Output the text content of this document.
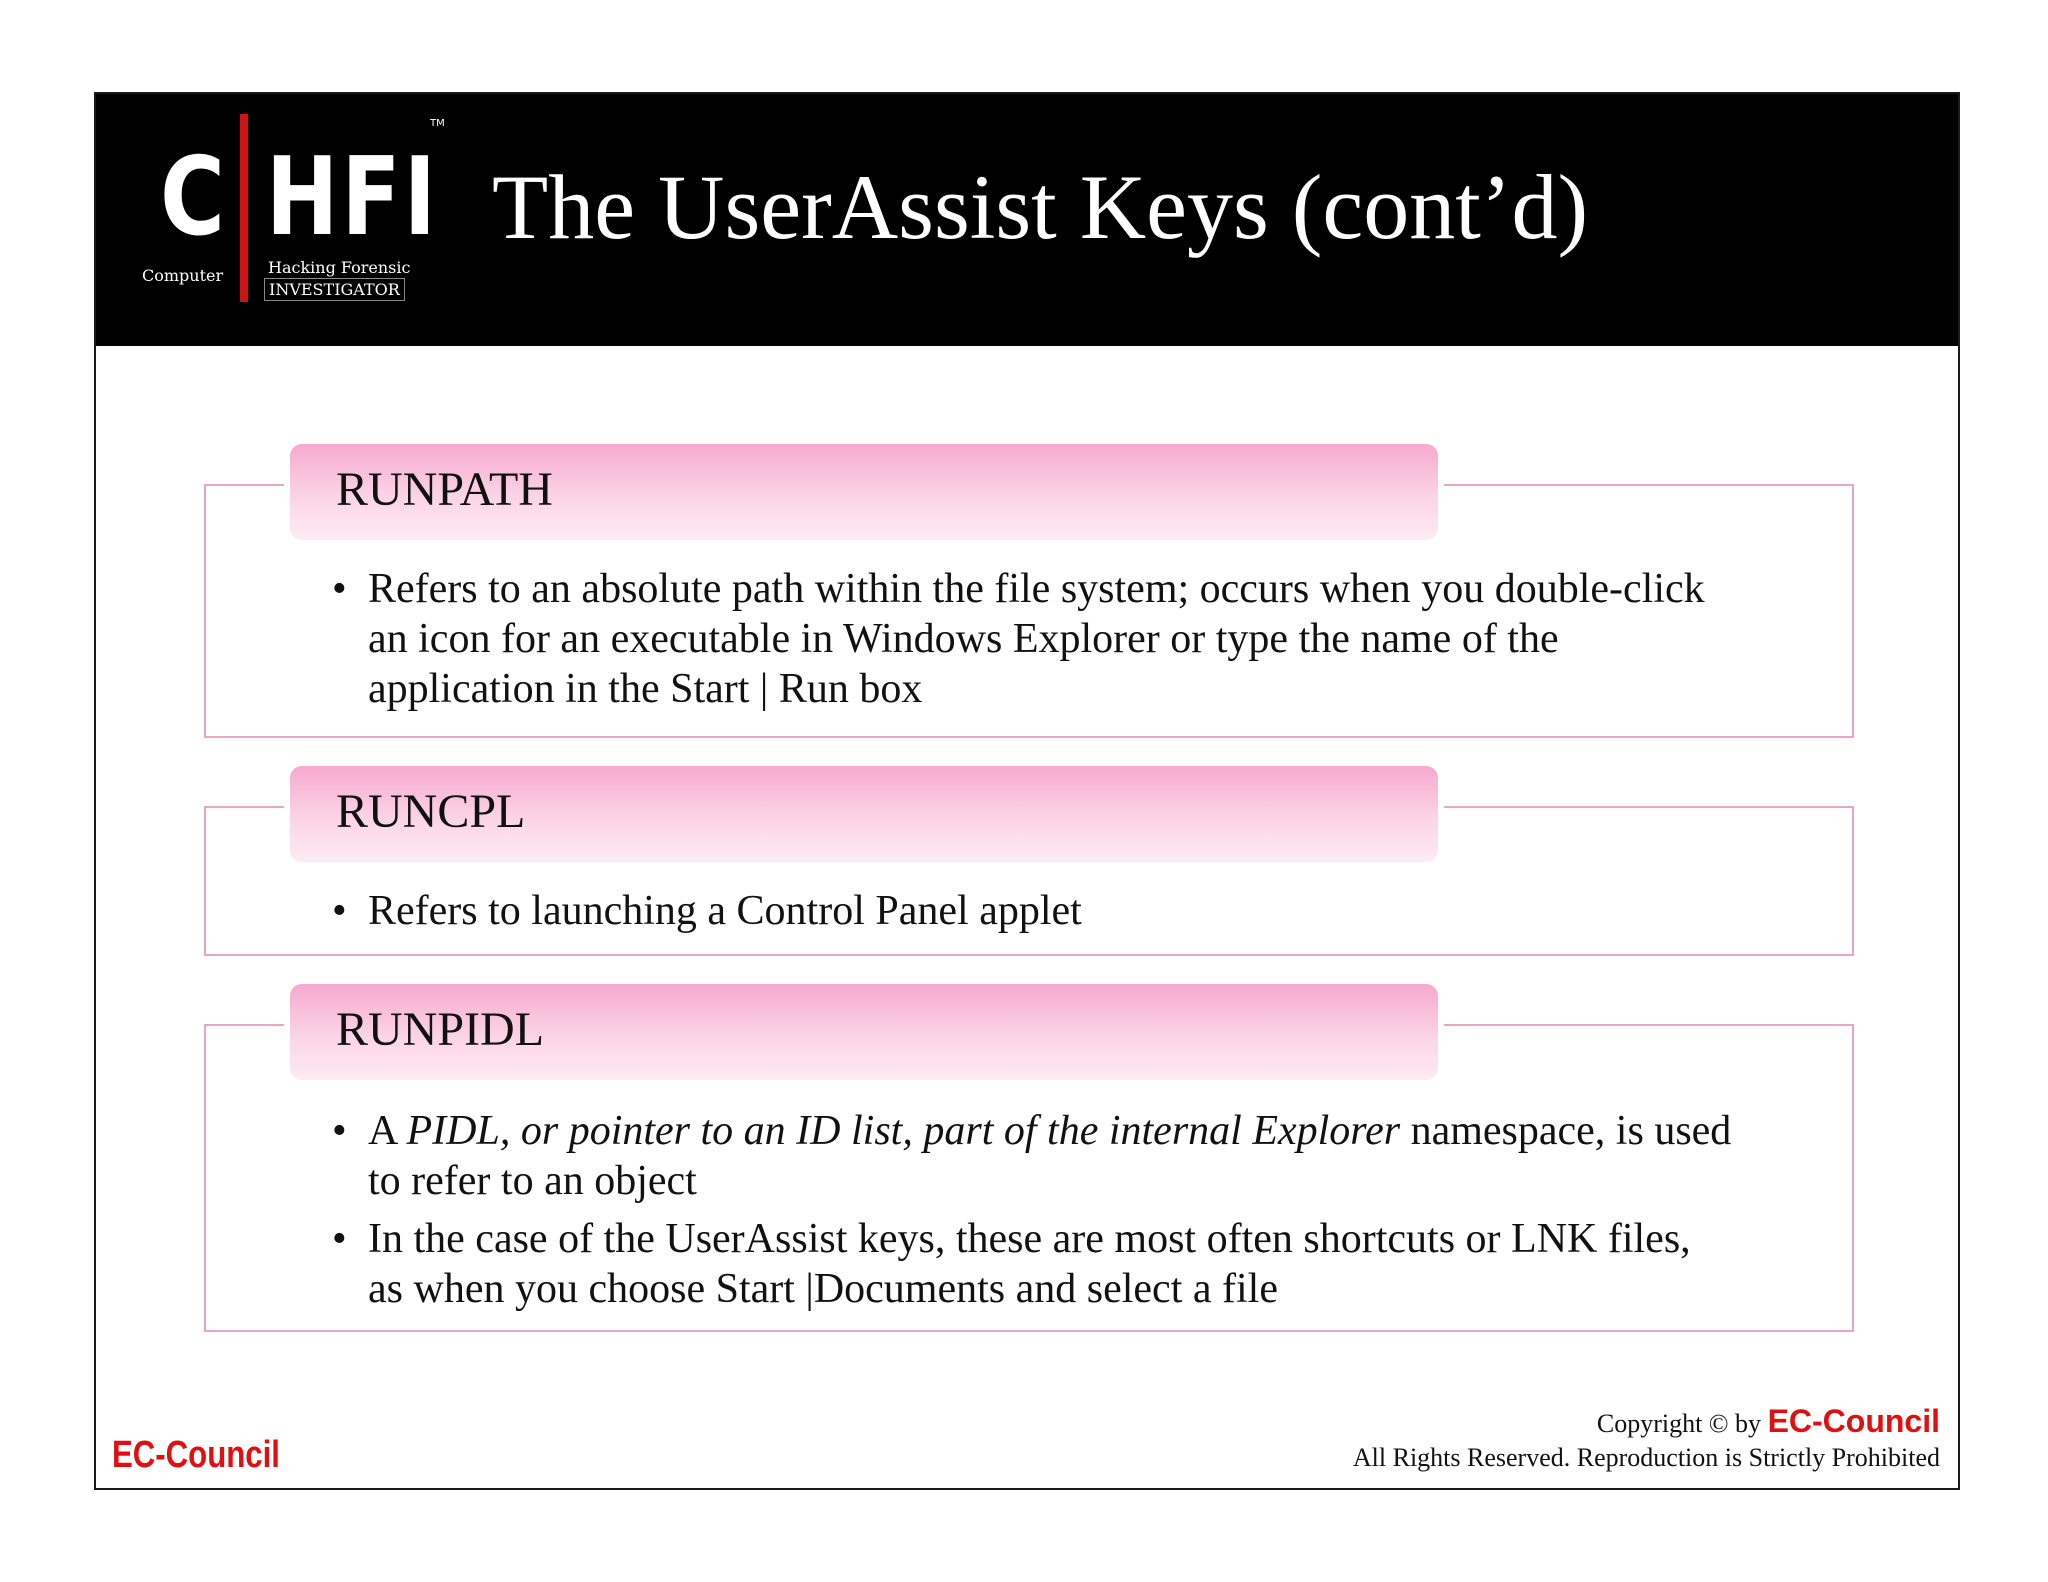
C HFI
TM
Computer	Hacking Forensic
INVESTIGATOR
The UserAssist Keys (cont’d)
RUNPATH
• Refers to an absolute path within the file system; occurs when you double-click an icon for an executable in Windows Explorer or type the name of the application in the Start | Run box
RUNCPL
• Refers to launching a Control Panel applet
RUNPIDL
• A PIDL, or pointer to an ID list, part of the internal Explorer namespace, is used to refer to an object
• In the case of the UserAssist keys, these are most often shortcuts or LNK files, as when you choose Start |Documents and select a file
EC-Council
Copyright © by EC-Council
All Rights Reserved. Reproduction is Strictly Prohibited
